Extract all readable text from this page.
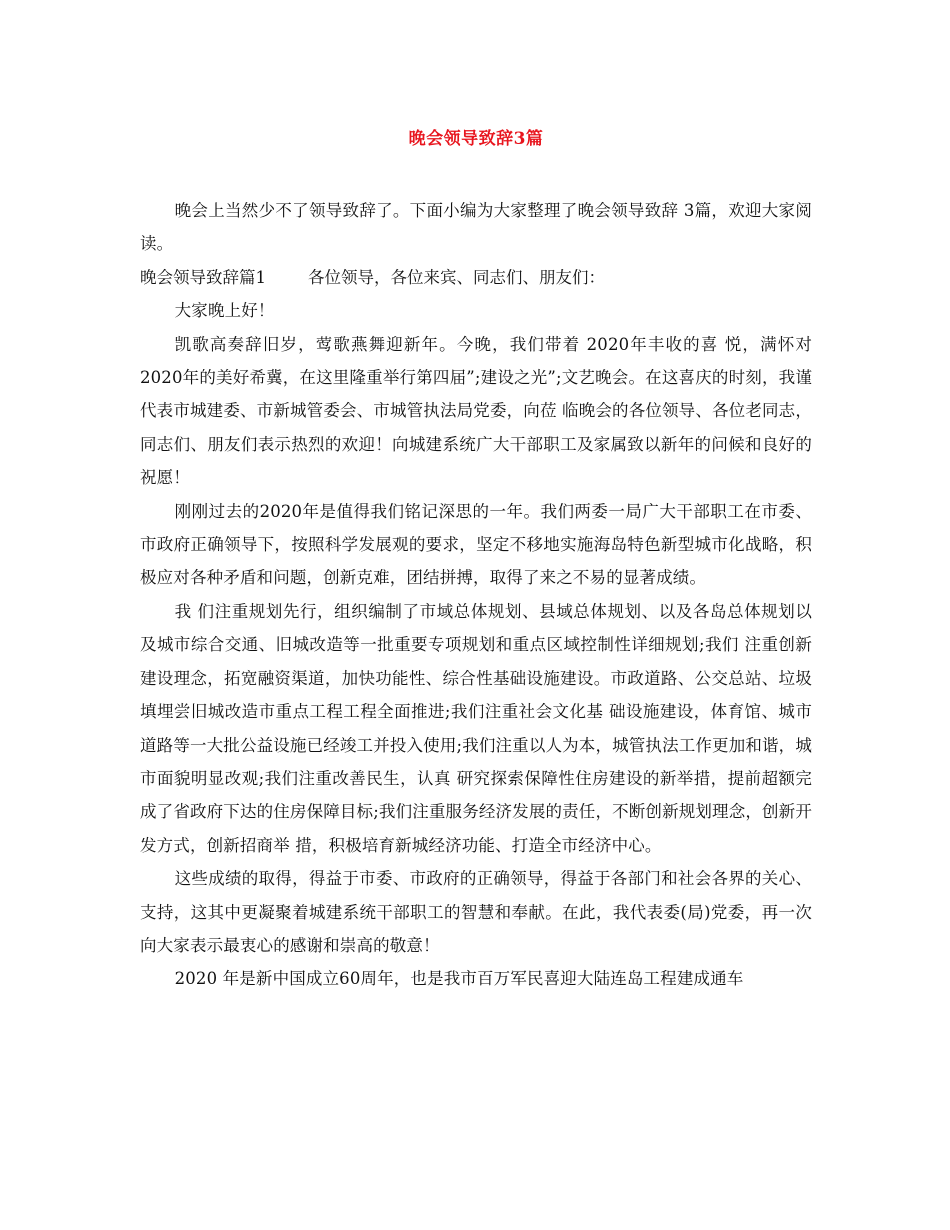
晚会领导致辞3篇

晚会上当然少不了领导致辞了。下面小编为大家整理了晚会领导致辞 3篇，欢迎大家阅读。

晚会领导致辞篇1	各位领导，各位来宾、同志们、朋友们：

大家晚上好！

凯歌高奏辞旧岁，莺歌燕舞迎新年。今晚，我们带着 2020年丰收的喜 悦，满怀对2020年的美好希冀，在这里隆重举行第四届”;建设之光”;文艺晚会。在这喜庆的时刻，我谨代表市城建委、市新城管委会、市城管执法局党委，向莅 临晚会的各位领导、各位老同志，同志们、朋友们表示热烈的欢迎！向城建系统广大干部职工及家属致以新年的问候和良好的祝愿！

刚刚过去的2020年是值得我们铭记深思的一年。我们两委一局广大干部职工在市委、市政府正确领导下，按照科学发展观的要求，坚定不移地实施海岛特色新型城市化战略，积极应对各种矛盾和问题，创新克难，团结拼搏，取得了来之不易的显著成绩。

我 们注重规划先行，组织编制了市域总体规划、县域总体规划、以及各岛总体规划以及城市综合交通、旧城改造等一批重要专项规划和重点区域控制性详细规划;我们 注重创新建设理念，拓宽融资渠道，加快功能性、综合性基础设施建设。市政道路、公交总站、垃圾填埋尝旧城改造市重点工程工程全面推进;我们注重社会文化基 础设施建设，体育馆、城市道路等一大批公益设施已经竣工并投入使用;我们注重以人为本，城管执法工作更加和谐，城市面貌明显改观;我们注重改善民生，认真 研究探索保障性住房建设的新举措，提前超额完成了省政府下达的住房保障目标;我们注重服务经济发展的责任，不断创新规划理念，创新开发方式，创新招商举 措，积极培育新城经济功能、打造全市经济中心。

这些成绩的取得，得益于市委、市政府的正确领导，得益于各部门和社会各界的关心、支持，这其中更凝聚着城建系统干部职工的智慧和奉献。在此，我代表委(局)党委，再一次向大家表示最衷心的感谢和崇高的敬意！

2020 年是新中国成立60周年，也是我市百万军民喜迎大陆连岛工程建成通车
